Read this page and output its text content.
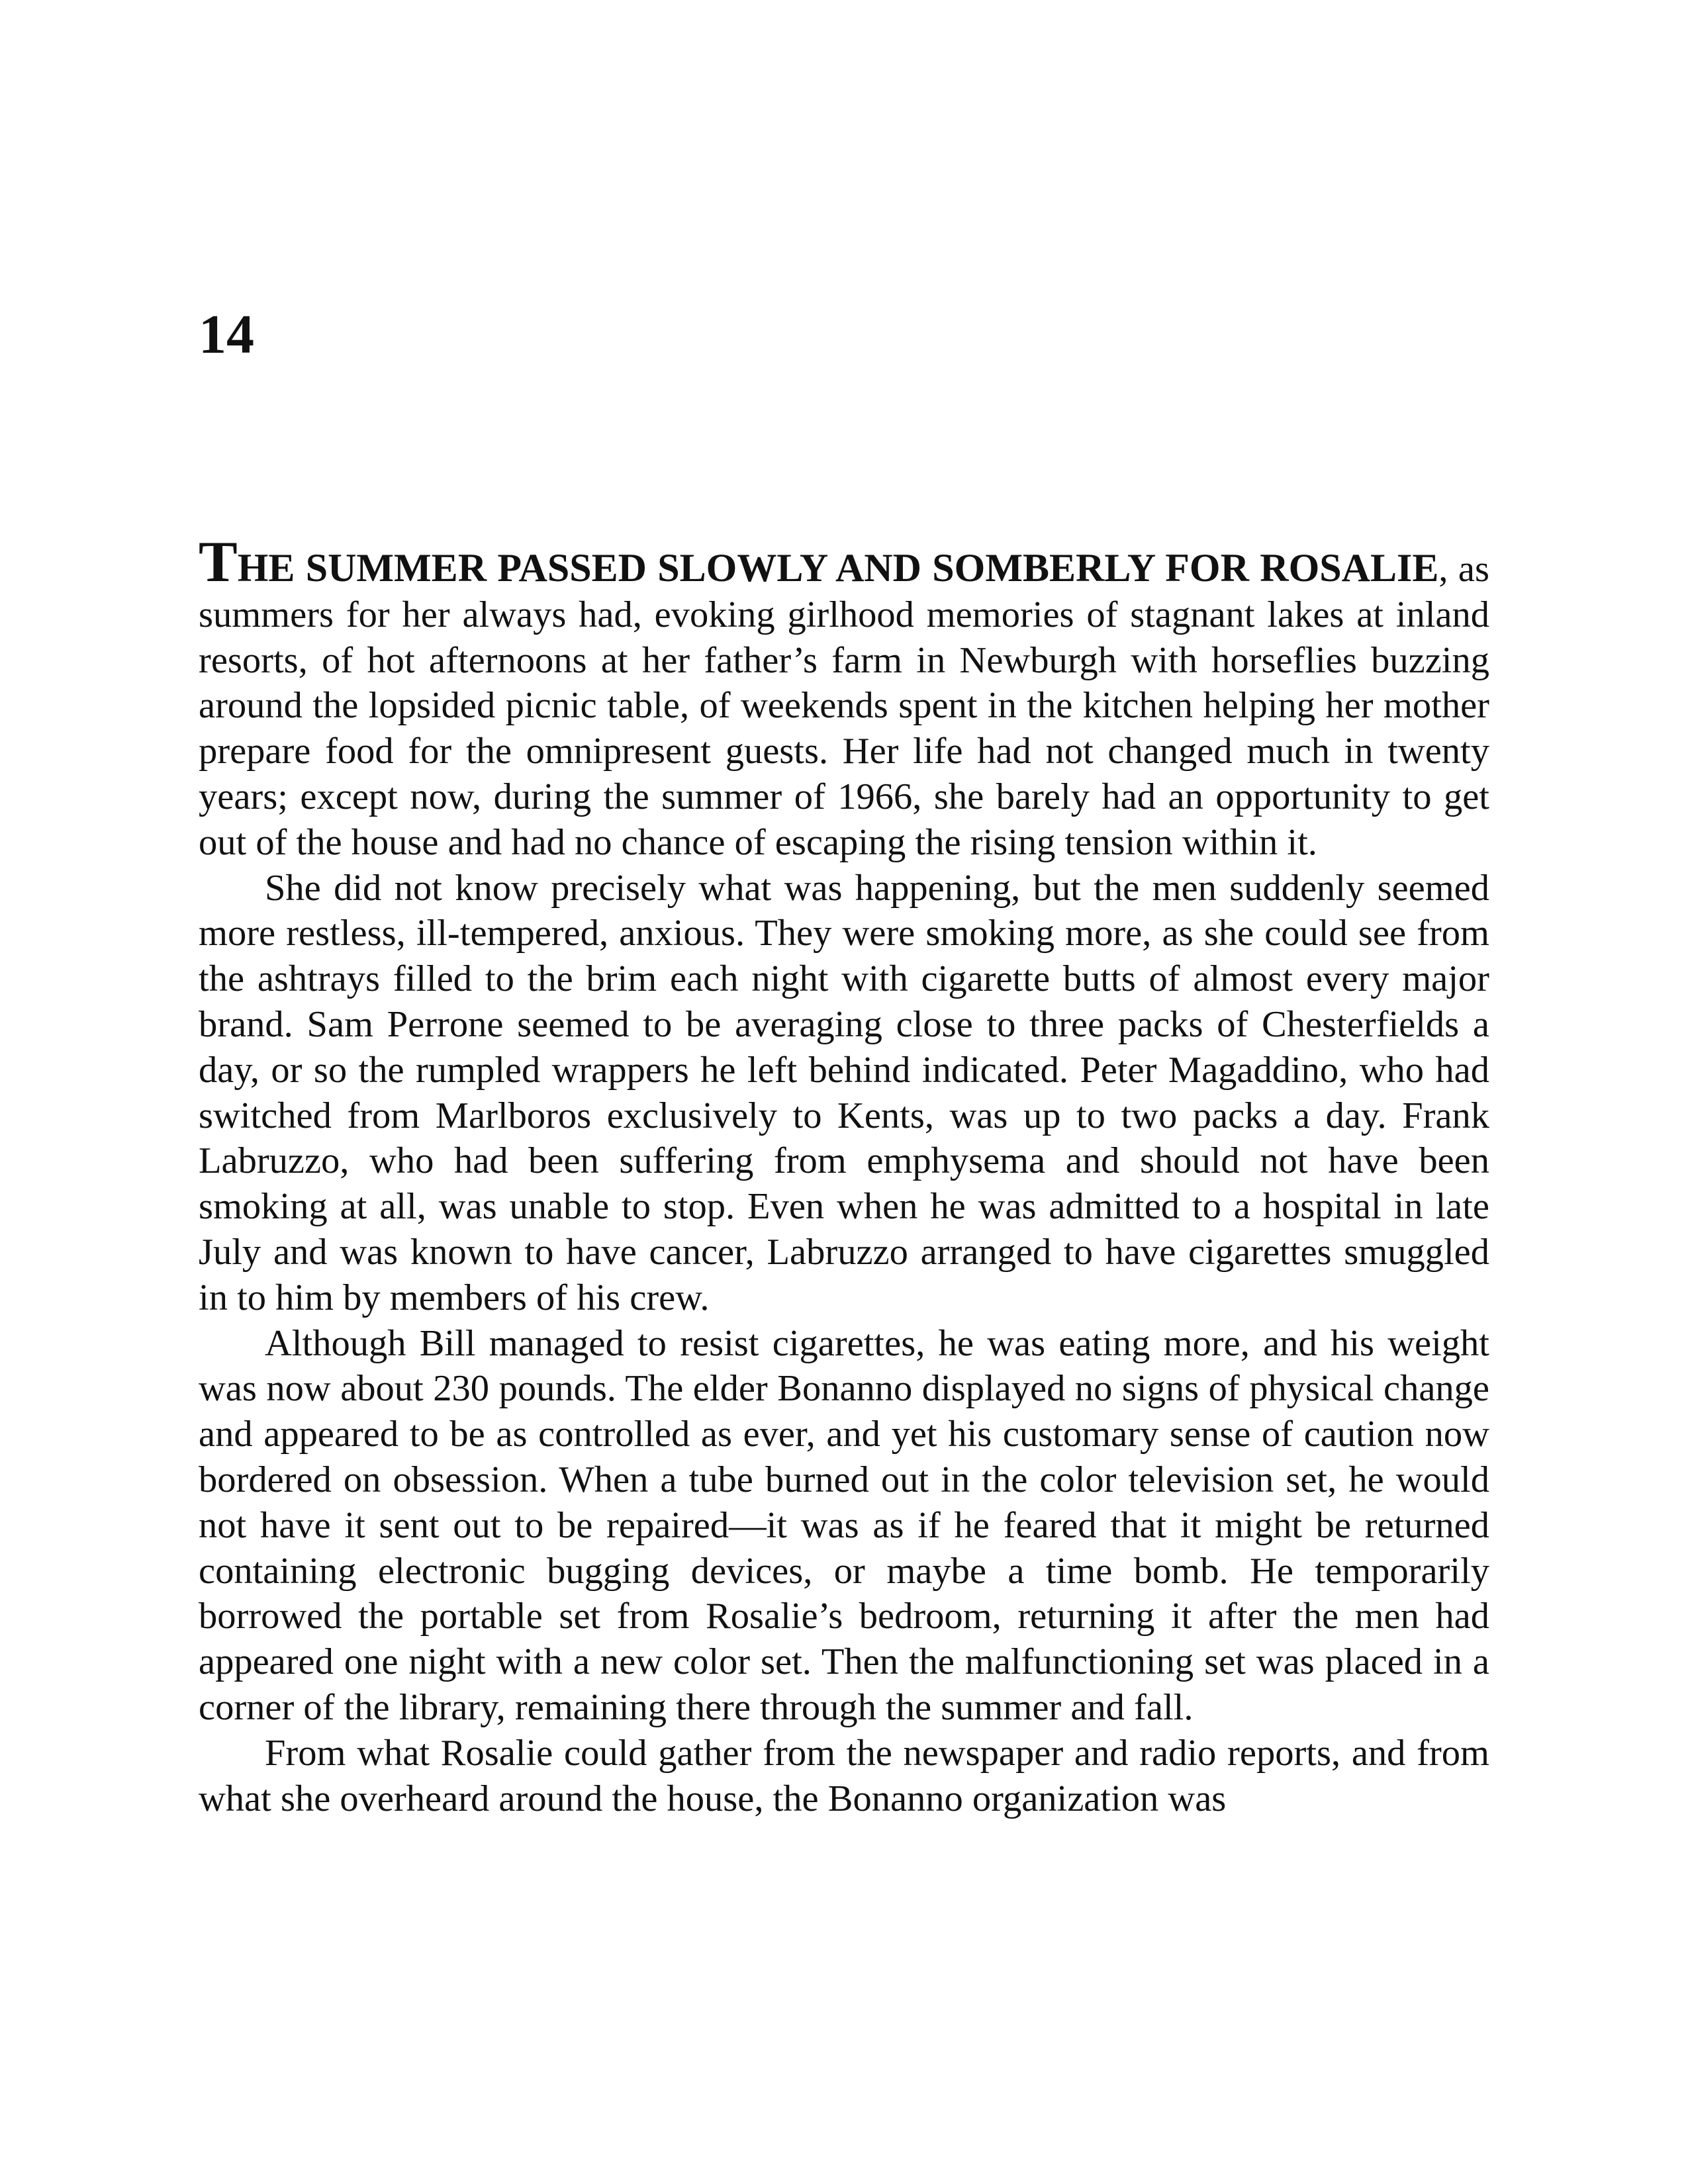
14

THE SUMMER PASSED SLOWLY AND SOMBERLY FOR ROSALIE, as summers for her always had, evoking girlhood memories of stagnant lakes at inland resorts, of hot afternoons at her father’s farm in Newburgh with horseflies buzzing around the lopsided picnic table, of weekends spent in the kitchen helping her mother prepare food for the omnipresent guests. Her life had not changed much in twenty years; except now, during the summer of 1966, she barely had an opportunity to get out of the house and had no chance of escaping the rising tension within it.

She did not know precisely what was happening, but the men suddenly seemed more restless, ill-tempered, anxious. They were smoking more, as she could see from the ashtrays filled to the brim each night with cigarette butts of almost every major brand. Sam Perrone seemed to be averaging close to three packs of Chesterfields a day, or so the rumpled wrappers he left behind indicated. Peter Magaddino, who had switched from Marlboros exclusively to Kents, was up to two packs a day. Frank Labruzzo, who had been suffering from emphysema and should not have been smoking at all, was unable to stop. Even when he was admitted to a hospital in late July and was known to have cancer, Labruzzo arranged to have cigarettes smuggled in to him by members of his crew.

Although Bill managed to resist cigarettes, he was eating more, and his weight was now about 230 pounds. The elder Bonanno displayed no signs of physical change and appeared to be as controlled as ever, and yet his customary sense of caution now bordered on obsession. When a tube burned out in the color television set, he would not have it sent out to be repaired—it was as if he feared that it might be returned containing electronic bugging devices, or maybe a time bomb. He temporarily borrowed the portable set from Rosalie’s bedroom, returning it after the men had appeared one night with a new color set. Then the malfunctioning set was placed in a corner of the library, remaining there through the summer and fall.

From what Rosalie could gather from the newspaper and radio reports, and from what she overheard around the house, the Bonanno organization was
